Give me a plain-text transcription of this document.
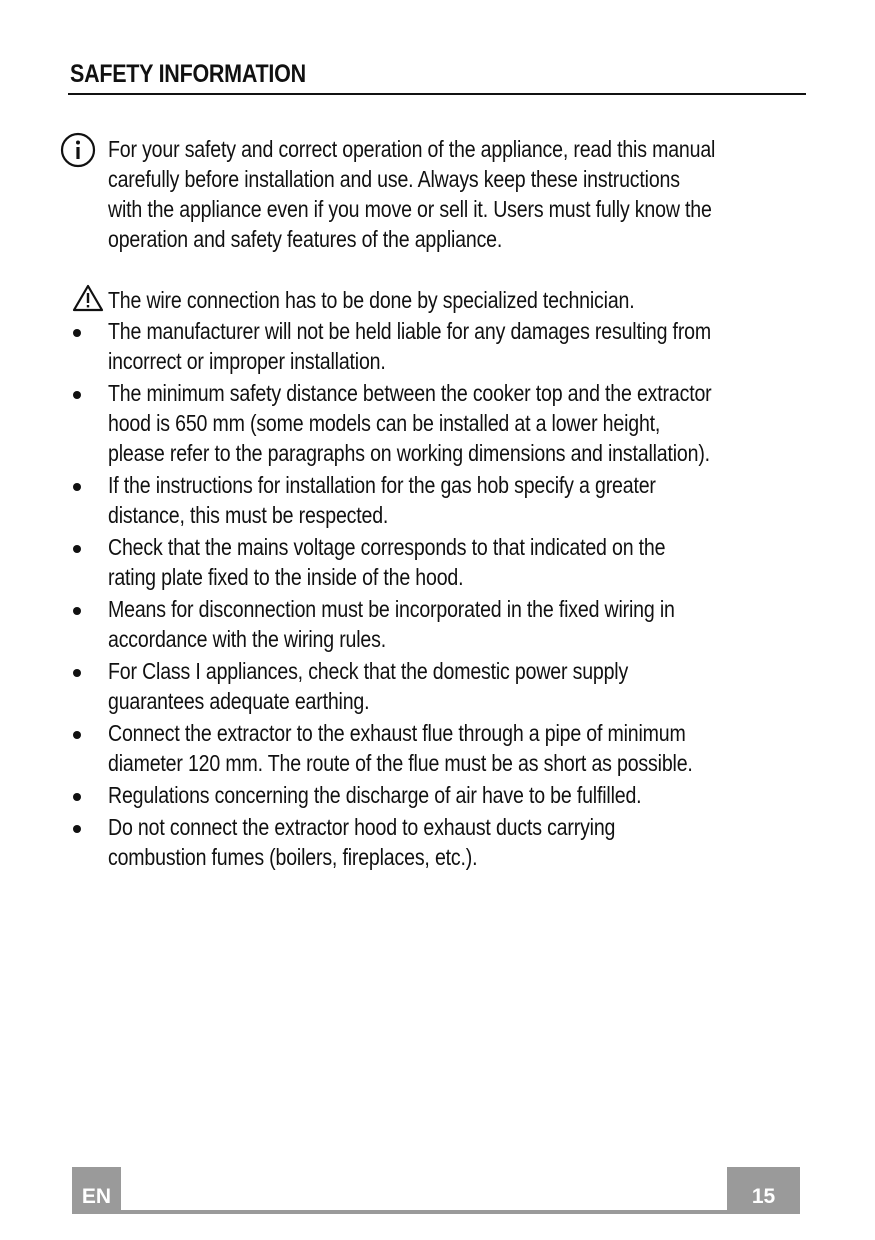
SAFETY INFORMATION
For your safety and correct operation of the appliance, read this manual
carefully before installation and use. Always keep these instructions
with the appliance even if you move or sell it. Users must fully know the
operation and safety features of the appliance.
The wire connection has to be done by specialized technician.
The manufacturer will not be held liable for any damages resulting from
incorrect or improper installation.
The minimum safety distance between the cooker top and the extractor
hood is 650 mm (some models can be installed at a lower height,
please refer to the paragraphs on working dimensions and installation).
If the instructions for installation for the gas hob specify a greater
distance, this must be respected.
Check that the mains voltage corresponds to that indicated on the
rating plate fixed to the inside of the hood.
Means for disconnection must be incorporated in the fixed wiring in
accordance with the wiring rules.
For Class I appliances, check that the domestic power supply
guarantees adequate earthing.
Connect the extractor to the exhaust flue through a pipe of minimum
diameter 120 mm. The route of the flue must be as short as possible.
Regulations concerning the discharge of air have to be fulfilled.
Do not connect the extractor hood to exhaust ducts carrying
combustion fumes (boilers, fireplaces, etc.).
EN	15
